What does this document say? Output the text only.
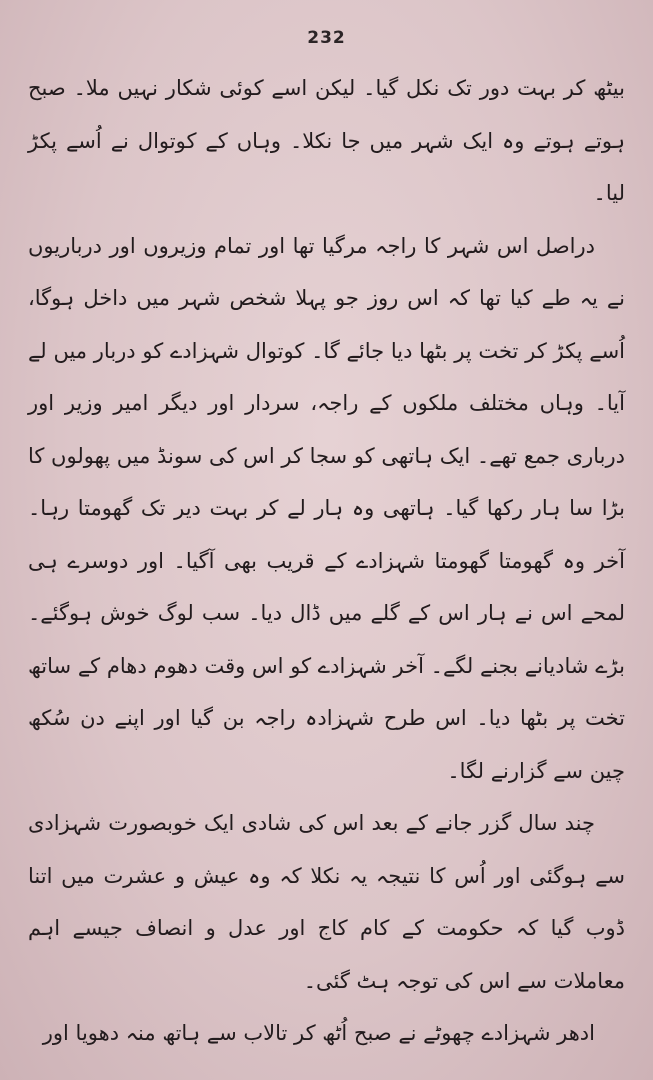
232

بیٹھ کر بہت دور تک نکل گیا۔ لیکن اسے کوئی شکار نہیں ملا۔ صبح ہوتے ہوتے وہ ایک شہر میں جا نکلا۔ وہاں کے کوتوال نے اُسے پکڑ لیا۔

دراصل اس شہر کا راجہ مرگیا تھا اور تمام وزیروں اور درباریوں نے یہ طے کیا تھا کہ اس روز جو پہلا شخص شہر میں داخل ہوگا، اُسے پکڑ کر تخت پر بٹھا دیا جائے گا۔ کوتوال شہزادے کو دربار میں لے آیا۔ وہاں مختلف ملکوں کے راجہ، سردار اور دیگر امیر وزیر اور درباری جمع تھے۔ ایک ہاتھی کو سجا کر اس کی سونڈ میں پھولوں کا بڑا سا ہار رکھا گیا۔ ہاتھی وہ ہار لے کر بہت دیر تک گھومتا رہا۔ آخر وہ گھومتا گھومتا شہزادے کے قریب بھی آگیا۔ اور دوسرے ہی لمحے اس نے ہار اس کے گلے میں ڈال دیا۔ سب لوگ خوش ہوگئے۔ بڑے شادیانے بجنے لگے۔ آخر شہزادے کو اس وقت دھوم دھام کے ساتھ تخت پر بٹھا دیا۔ اس طرح شہزادہ راجہ بن گیا اور اپنے دن سُکھ چین سے گزارنے لگا۔

چند سال گزر جانے کے بعد اس کی شادی ایک خوبصورت شہزادی سے ہوگئی اور اُس کا نتیجہ یہ نکلا کہ وہ عیش و عشرت میں اتنا ڈوب گیا کہ حکومت کے کام کاج اور عدل و انصاف جیسے اہم معاملات سے اس کی توجہ ہٹ گئی۔

ادھر شہزادے چھوٹے نے صبح اُٹھ کر تالاب سے ہاتھ منہ دھویا اور
